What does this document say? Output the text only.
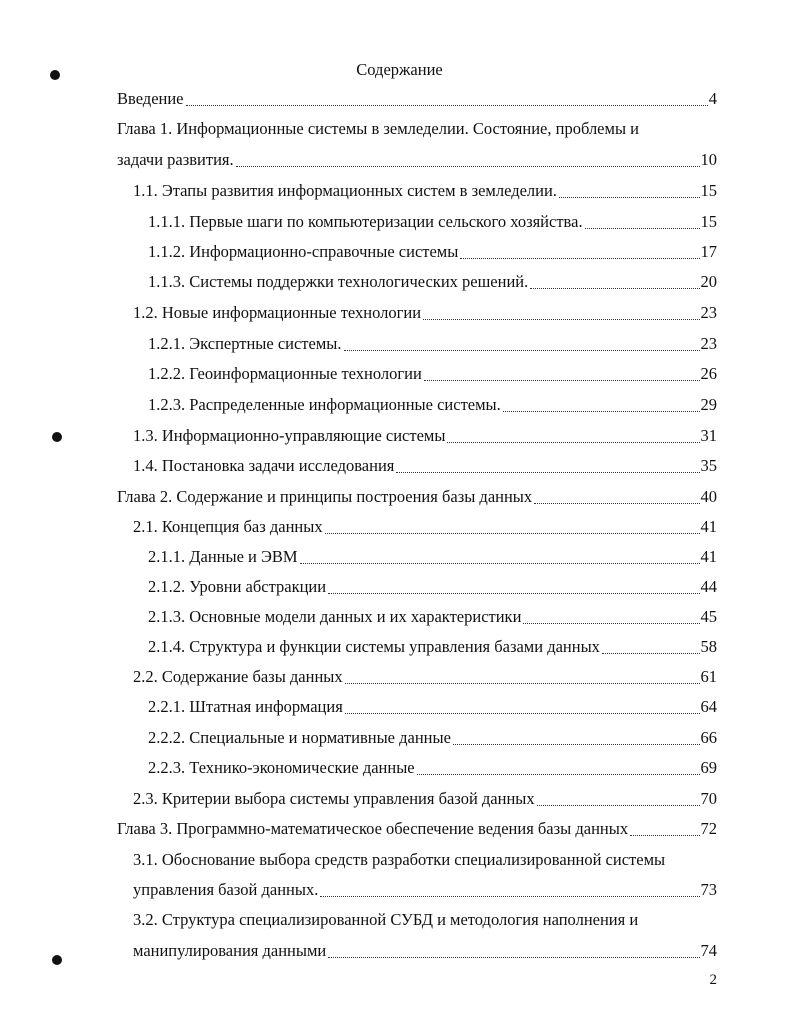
Содержание
Введение	4
Глава 1. Информационные системы в земледелии. Состояние, проблемы и
задачи развития.	10
1.1. Этапы развития информационных систем в земледелии.	15
1.1.1. Первые шаги по компьютеризации сельского хозяйства.	15
1.1.2. Информационно-справочные системы	17
1.1.3. Системы поддержки технологических решений.	20
1.2. Новые информационные технологии	23
1.2.1. Экспертные системы.	23
1.2.2. Геоинформационные технологии	26
1.2.3. Распределенные информационные системы.	29
1.3. Информационно-управляющие системы	31
1.4. Постановка задачи исследования	35
Глава 2. Содержание и принципы построения базы данных	40
2.1. Концепция баз данных	41
2.1.1. Данные и ЭВМ	41
2.1.2. Уровни абстракции	44
2.1.3. Основные модели данных и их характеристики	45
2.1.4. Структура и функции системы управления базами данных	58
2.2. Содержание базы данных	61
2.2.1. Штатная информация	64
2.2.2. Специальные и нормативные данные	66
2.2.3. Технико-экономические данные	69
2.3. Критерии выбора системы управления базой данных	70
Глава 3. Программно-математическое обеспечение ведения базы данных	72
3.1. Обоснование выбора средств разработки специализированной системы
управления базой данных.	73
3.2. Структура специализированной СУБД и методология наполнения и
манипулирования данными	74
2
